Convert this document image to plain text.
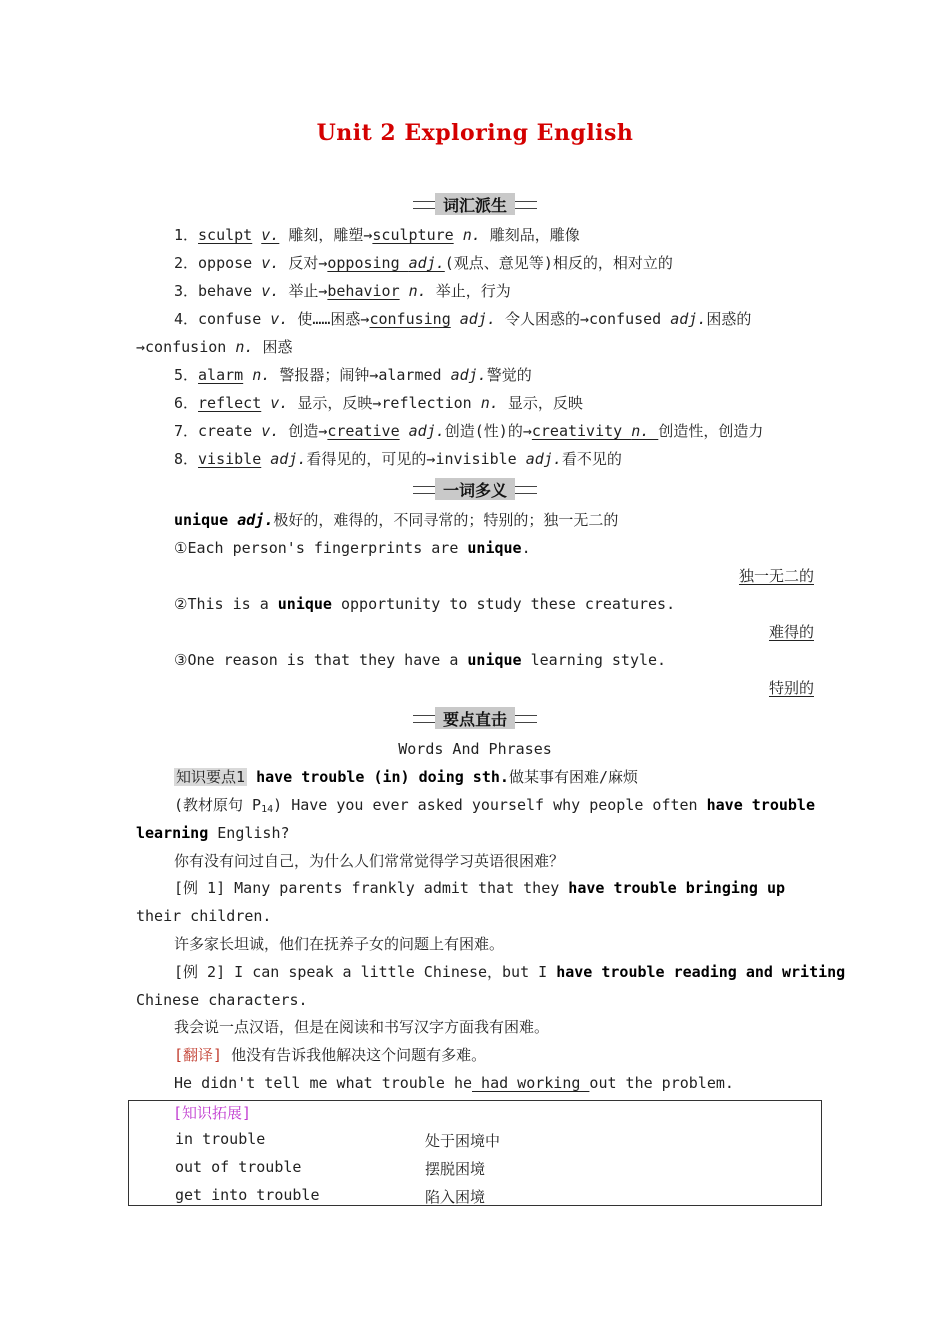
Unit 2 Exploring English
词汇派生
1．sculpt v. 雕刻，雕塑→sculpture n. 雕刻品，雕像
2．oppose v. 反对→opposing adj.(观点、意见等)相反的，相对立的
3．behave v. 举止→behavior n. 举止，行为
4．confuse v. 使……困惑→confusing adj. 令人困惑的→confused adj.困惑的
→confusion n. 困惑
5．alarm n. 警报器；闹钟→alarmed adj.警觉的
6．reflect v. 显示，反映→reflection n. 显示，反映
7．create v. 创造→creative adj.创造(性)的→creativity n. 创造性，创造力
8．visible adj.看得见的，可见的→invisible adj.看不见的
一词多义
unique adj.极好的，难得的，不同寻常的；特别的；独一无二的
①Each person's fingerprints are unique.
独一无二的
②This is a unique opportunity to study these creatures.
难得的
③One reason is that they have a unique learning style.
特别的
要点直击
Words And Phrases
知识要点1 have trouble (in) doing sth.做某事有困难/麻烦
(教材原句 $P_{14}$) Have you ever asked yourself why people often have trouble
learning English?
你有没有问过自己，为什么人们常常觉得学习英语很困难？
[例 1] Many parents frankly admit that they have trouble bringing up
their children.
许多家长坦诚，他们在抚养子女的问题上有困难。
[例 2] I can speak a little Chinese，but I have trouble reading and writing
Chinese characters.
我会说一点汉语，但是在阅读和书写汉字方面我有困难。
[翻译] 他没有告诉我他解决这个问题有多难。
He didn't tell me what trouble he had working out the problem.
[知识拓展]
in trouble	处于困境中
out of trouble	摆脱困境
get into trouble	陷入困境
